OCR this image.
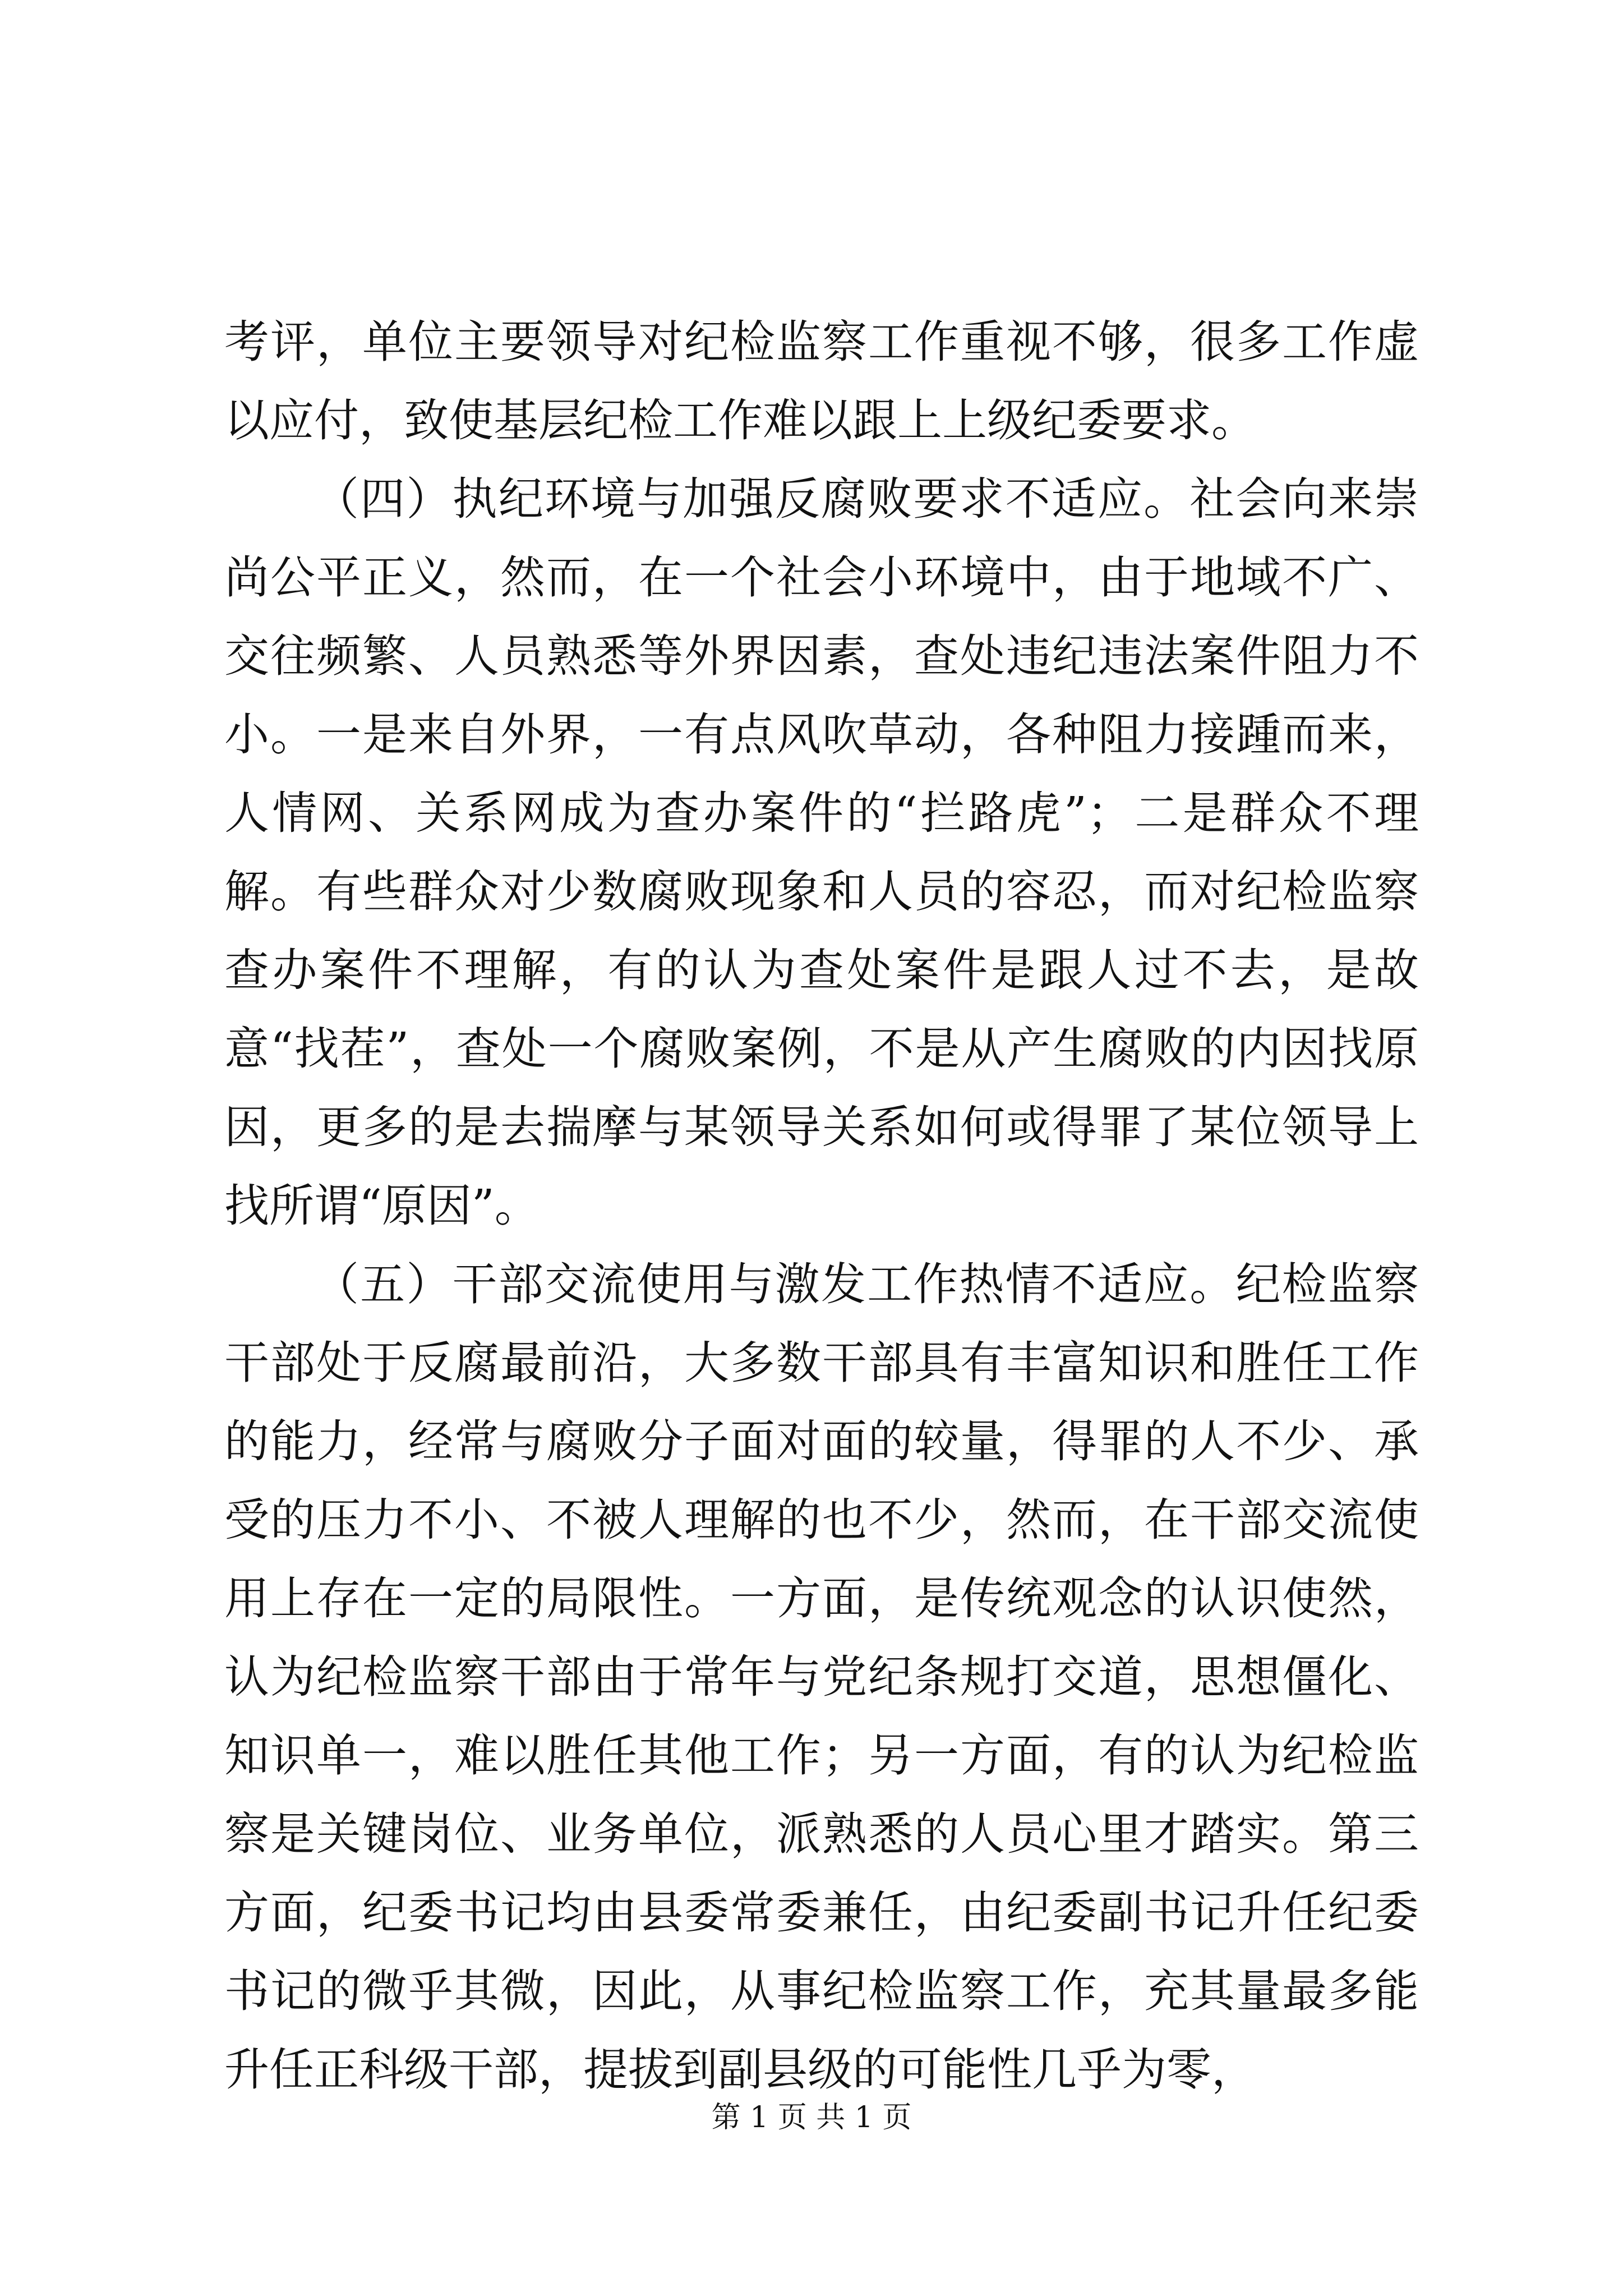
考评，单位主要领导对纪检监察工作重视不够，很多工作虚以应付，致使基层纪检工作难以跟上上级纪委要求。

（四）执纪环境与加强反腐败要求不适应。社会向来崇尚公平正义，然而，在一个社会小环境中，由于地域不广、交往频繁、人员熟悉等外界因素，查处违纪违法案件阻力不小。一是来自外界，一有点风吹草动，各种阻力接踵而来，人情网、关系网成为查办案件的“拦路虎”；二是群众不理解。有些群众对少数腐败现象和人员的容忍，而对纪检监察查办案件不理解，有的认为查处案件是跟人过不去，是故意“找茬”，查处一个腐败案例，不是从产生腐败的内因找原因，更多的是去揣摩与某领导关系如何或得罪了某位领导上找所谓“原因”。

（五）干部交流使用与激发工作热情不适应。纪检监察干部处于反腐最前沿，大多数干部具有丰富知识和胜任工作的能力，经常与腐败分子面对面的较量，得罪的人不少、承受的压力不小、不被人理解的也不少，然而，在干部交流使用上存在一定的局限性。一方面，是传统观念的认识使然，认为纪检监察干部由于常年与党纪条规打交道，思想僵化、知识单一，难以胜任其他工作；另一方面，有的认为纪检监察是关键岗位、业务单位，派熟悉的人员心里才踏实。第三方面，纪委书记均由县委常委兼任，由纪委副书记升任纪委书记的微乎其微，因此，从事纪检监察工作，充其量最多能升任正科级干部，提拔到副县级的可能性几乎为零，

第 1 页 共 1 页
